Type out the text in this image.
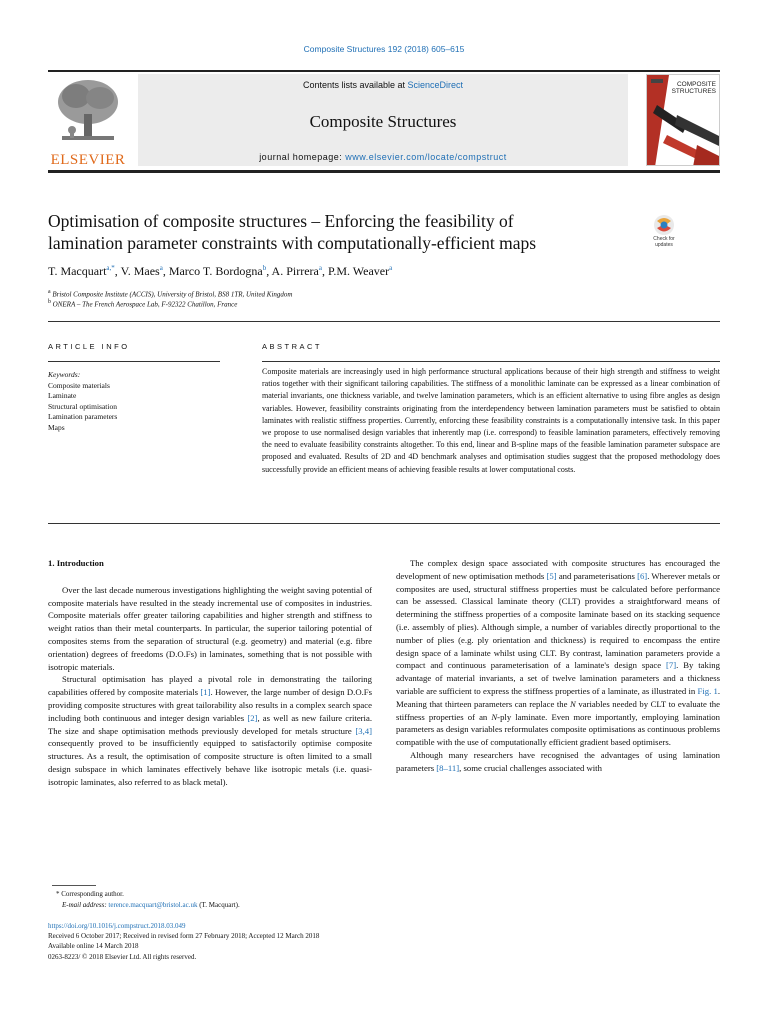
Composite Structures 192 (2018) 605–615
ELSEVIER
Contents lists available at ScienceDirect
Composite Structures
journal homepage: www.elsevier.com/locate/compstruct
COMPOSITE
STRUCTURES
Optimisation of composite structures – Enforcing the feasibility of
lamination parameter constraints with computationally-efficient maps	Check for
updates
T. Macquart$^{a,*}$, V. Maes$^a$, Marco T. Bordogna$^b$, A. Pirrera$^a$, P.M. Weaver$^a$
$^a$ Bristol Composite Institute (ACCIS), University of Bristol, BS8 1TR, United Kingdom
$^b$ ONERA – The French Aerospace Lab, F-92322 Chatillon, France
ARTICLE INFO	ABSTRACT
Keywords:
Composite materials
Laminate
Structural optimisation
Lamination parameters
Maps
Composite materials are increasingly used in high performance structural applications because of their high strength and stiffness to weight ratios together with their significant tailoring capabilities. The stiffness of a monolithic laminate can be expressed as a linear combination of material invariants, one thickness variable, and twelve lamination parameters, which is an efficient alternative to using fibre angles as design variables. However, feasibility constraints originating from the interdependency between lamination parameters must be satisfied to obtain laminates with realistic stiffness properties. Currently, enforcing these feasibility constraints is a computationally intensive task. In this paper we propose to use normalised design variables that inherently map (i.e. correspond) to feasible lamination parameters, effectively removing the need to evaluate feasibility constraints altogether. To this end, linear and B-spline maps of the feasible lamination parameter subspace are proposed and evaluated. Results of 2D and 4D benchmark analyses and optimisation studies suggest that the proposed methodology does successfully provide an efficient means of achieving feasible results at lower computational costs.
1. Introduction

Over the last decade numerous investigations highlighting the weight saving potential of composite materials have resulted in the steady incremental use of composites in industries. Composite materials offer greater tailoring capabilities and higher strength and stiffness to weight ratios than their metal counterparts. In particular, the superior tailoring potential of composites stems from the separation of structural (e.g. geometry) and material (e.g. fibre orientation) degrees of freedoms (D.O.Fs) in laminates, something that is not possible with isotropic materials.

Structural optimisation has played a pivotal role in demonstrating the tailoring capabilities offered by composite materials [1]. However, the large number of design D.O.Fs providing composite structures with great tailorability also results in a complex search space including both continuous and integer design variables [2], as well as new failure criteria. The size and shape optimisation methods previously developed for metals structure [3,4] consequently proved to be insufficiently equipped to satisfactorily optimise composite structures. As a result, the optimisation of composite structure is often limited to a small design subspace in which laminates effectively behave like isotropic metals (i.e. quasi-isotropic laminates, also referred to as black metal).

The complex design space associated with composite structures has encouraged the development of new optimisation methods [5] and parameterisations [6]. Wherever metals or composites are used, structural stiffness properties must be calculated before performance can be assessed. Classical laminate theory (CLT) provides a straightforward means of determining the stiffness properties of a composite laminate based on its stacking sequence (i.e. assembly of plies). Although simple, a number of variables directly proportional to the number of plies (e.g. ply orientation and thickness) is required to encompass the entire design space of a laminate whilst using CLT. By contrast, lamination parameters provide a compact and continuous parameterisation of a laminate's design space [7]. By taking advantage of material invariants, a set of twelve lamination parameters and a thickness variable are sufficient to express the stiffness properties of a laminate, as illustrated in Fig. 1. Meaning that thirteen parameters can replace the N variables needed by CLT to evaluate the stiffness properties of an N-ply laminate. Even more importantly, employing lamination parameters as design variables reformulates composite optimisations as continuous problems compatible with the use of computationally efficient gradient based optimisers.

Although many researchers have recognised the advantages of using lamination parameters [8–11], some crucial challenges associated with

* Corresponding author.
E-mail address: terence.macquart@bristol.ac.uk (T. Macquart).
https://doi.org/10.1016/j.compstruct.2018.03.049
Received 6 October 2017; Received in revised form 27 February 2018; Accepted 12 March 2018
Available online 14 March 2018
0263-8223/ © 2018 Elsevier Ltd. All rights reserved.
